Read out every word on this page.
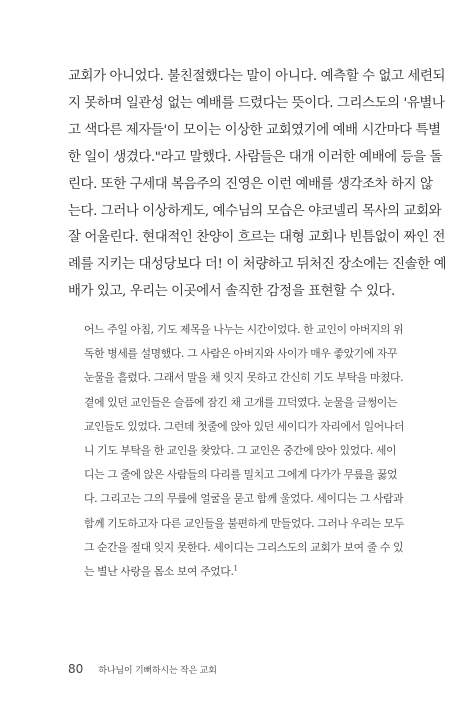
교회가 아니었다. 불친절했다는 말이 아니다. 예측할 수 없고 세련되
지 못하며 일관성 없는 예배를 드렸다는 뜻이다. 그리스도의 '유별나
고 색다른 제자들'이 모이는 이상한 교회였기에 예배 시간마다 특별
한 일이 생겼다."라고 말했다. 사람들은 대개 이러한 예배에 등을 돌
린다. 또한 구세대 복음주의 진영은 이런 예배를 생각조차 하지 않
는다. 그러나 이상하게도, 예수님의 모습은 야코넬리 목사의 교회와
잘 어울린다. 현대적인 찬양이 흐르는 대형 교회나 빈틈없이 짜인 전
례를 지키는 대성당보다 더! 이 처량하고 뒤처진 장소에는 진솔한 예
배가 있고, 우리는 이곳에서 솔직한 감정을 표현할 수 있다.
어느 주일 아침, 기도 제목을 나누는 시간이었다. 한 교인이 아버지의 위
독한 병세를 설명했다. 그 사람은 아버지와 사이가 매우 좋았기에 자꾸
눈물을 흘렸다. 그래서 말을 채 잇지 못하고 간신히 기도 부탁을 마쳤다.
곁에 있던 교인들은 슬픔에 잠긴 채 고개를 끄덕였다. 눈물을 글썽이는
교인들도 있었다. 그런데 첫줄에 앉아 있던 세이디가 자리에서 일어나더
니 기도 부탁을 한 교인을 찾았다. 그 교인은 중간에 앉아 있었다. 세이
디는 그 줄에 앉은 사람들의 다리를 밀치고 그에게 다가가 무릎을 꿇었
다. 그리고는 그의 무릎에 얼굴을 묻고 함께 울었다. 세이디는 그 사람과
함께 기도하고자 다른 교인들을 불편하게 만들었다. 그러나 우리는 모두
그 순간을 절대 잊지 못한다. 세이디는 그리스도의 교회가 보여 줄 수 있
는 별난 사랑을 몸소 보여 주었다.$^1$
80 하나님이 기뻐하시는 작은 교회
